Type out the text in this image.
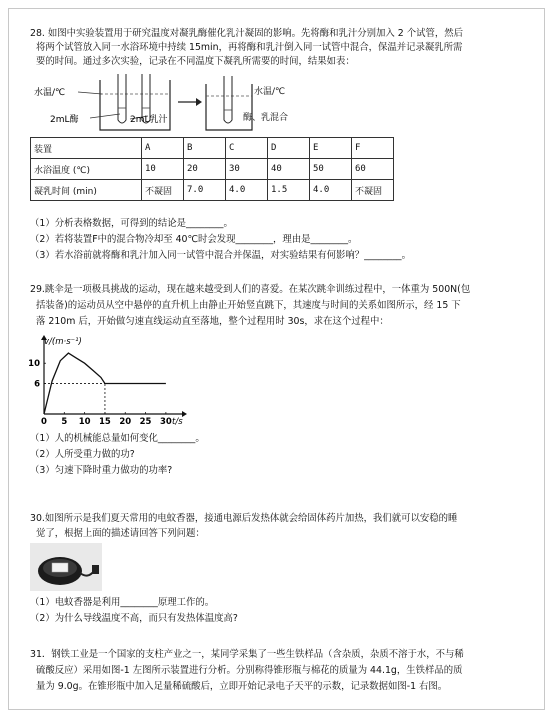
28. 如图中实验装置用于研究温度对凝乳酶催化乳汁凝固的影响。先将酶和乳汁分别加入 2 个试管，然后
将两个试管放入同一水浴环境中持续 15min，再将酶和乳汁倒入同一试管中混合，保温并记录凝乳所需
要的时间。通过多次实验，记录在不同温度下凝乳所需要的时间，结果如表：
水温/℃
2mL酶	2mL乳汁
水温/℃
酶、乳混合
装置	A	B	C	D	E	F
水浴温度 (℃)	10	20	30	40	50	60
凝乳时间 (min)	不凝固	7.0	4.0	1.5	4.0	不凝固
（1）分析表格数据，可得到的结论是________。
（2）若将装置F中的混合物冷却至 40℃时会发现________，理由是________。
（3）若水浴前就将酶和乳汁加入同一试管中混合并保温，对实验结果有何影响？________。
29.跳伞是一项极具挑战的运动，现在越来越受到人们的喜爱。在某次跳伞训练过程中，一体重为 500N(包
括装备)的运动员从空中悬停的直升机上由静止开始竖直跳下，其速度与时间的关系如图所示，经 15 下
落 210m 后，开始做匀速直线运动直至落地，整个过程用时 30s，求在这个过程中：
0 5 10 15 20 25 30
6
10
v/(m·s⁻¹)
t/s
（1）人的机械能总量如何变化________。
（2）人所受重力做的功?
（3）匀速下降时重力做功的功率?
30.如图所示是我们夏天常用的电蚊香器，接通电源后发热体就会给固体药片加热，我们就可以安稳的睡
觉了，根据上面的描述请回答下列问题：
（1）电蚊香器是利用________原理工作的。
（2）为什么导线温度不高，而只有发热体温度高?
31．钢铁工业是一个国家的支柱产业之一，某同学采集了一些生铁样品（含杂质，杂质不溶于水，不与稀
硫酸反应）采用如图-1 左图所示装置进行分析。分别称得锥形瓶与棉花的质量为 44.1g，生铁样品的质
量为 9.0g。在锥形瓶中加入足量稀硫酸后，立即开始记录电子天平的示数，记录数据如图-1 右图。
